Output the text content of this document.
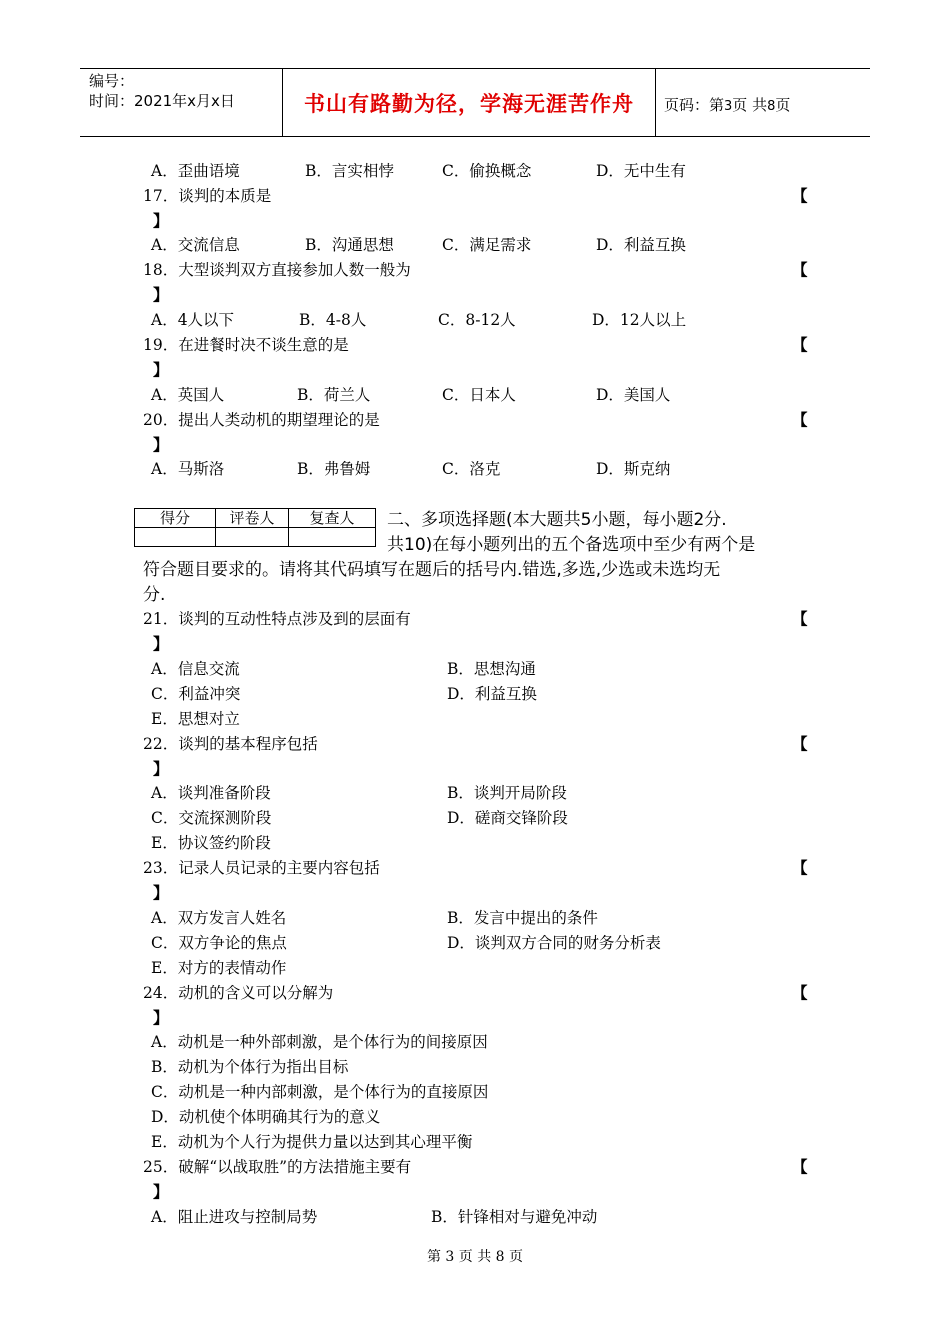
编号：
时间：2021年x月x日	书山有路勤为径，学海无涯苦作舟	页码：第3页 共8页
A．歪曲语境	B．言实相悖	C．偷换概念	D．无中生有
17．谈判的本质是	【
】
A．交流信息	B．沟通思想	C．满足需求	D．利益互换
18．大型谈判双方直接参加人数一般为	【
】
A．4人以下	B．4-8人	C．8-12人	D．12人以上
19．在进餐时决不谈生意的是	【
】
A．英国人	B．荷兰人	C．日本人	D．美国人
20．提出人类动机的期望理论的是	【
】
A．马斯洛	B．弗鲁姆	C．洛克	D．斯克纳
得分	评卷人	复查人
		二、多项选择题(本大题共5小题，每小题2分.
共10)在每小题列出的五个备选项中至少有两个是
符合题目要求的。请将其代码填写在题后的括号内.错选,多选,少选或未选均无
分.
21．谈判的互动性特点涉及到的层面有	【
】
A．信息交流	B．思想沟通
C．利益冲突	D．利益互换
E．思想对立
22．谈判的基本程序包括	【
】
A．谈判准备阶段	B．谈判开局阶段
C．交流探测阶段	D．磋商交锋阶段
E．协议签约阶段
23．记录人员记录的主要内容包括	【
】
A．双方发言人姓名	B．发言中提出的条件
C．双方争论的焦点	D．谈判双方合同的财务分析表
E．对方的表情动作
24．动机的含义可以分解为	【
】
A．动机是一种外部刺激，是个体行为的间接原因
B．动机为个体行为指出目标
C．动机是一种内部刺激，是个体行为的直接原因
D．动机使个体明确其行为的意义
E．动机为个人行为提供力量以达到其心理平衡
25．破解“以战取胜”的方法措施主要有	【
】
A．阻止进攻与控制局势	B．针锋相对与避免冲动
第 3 页 共 8 页
